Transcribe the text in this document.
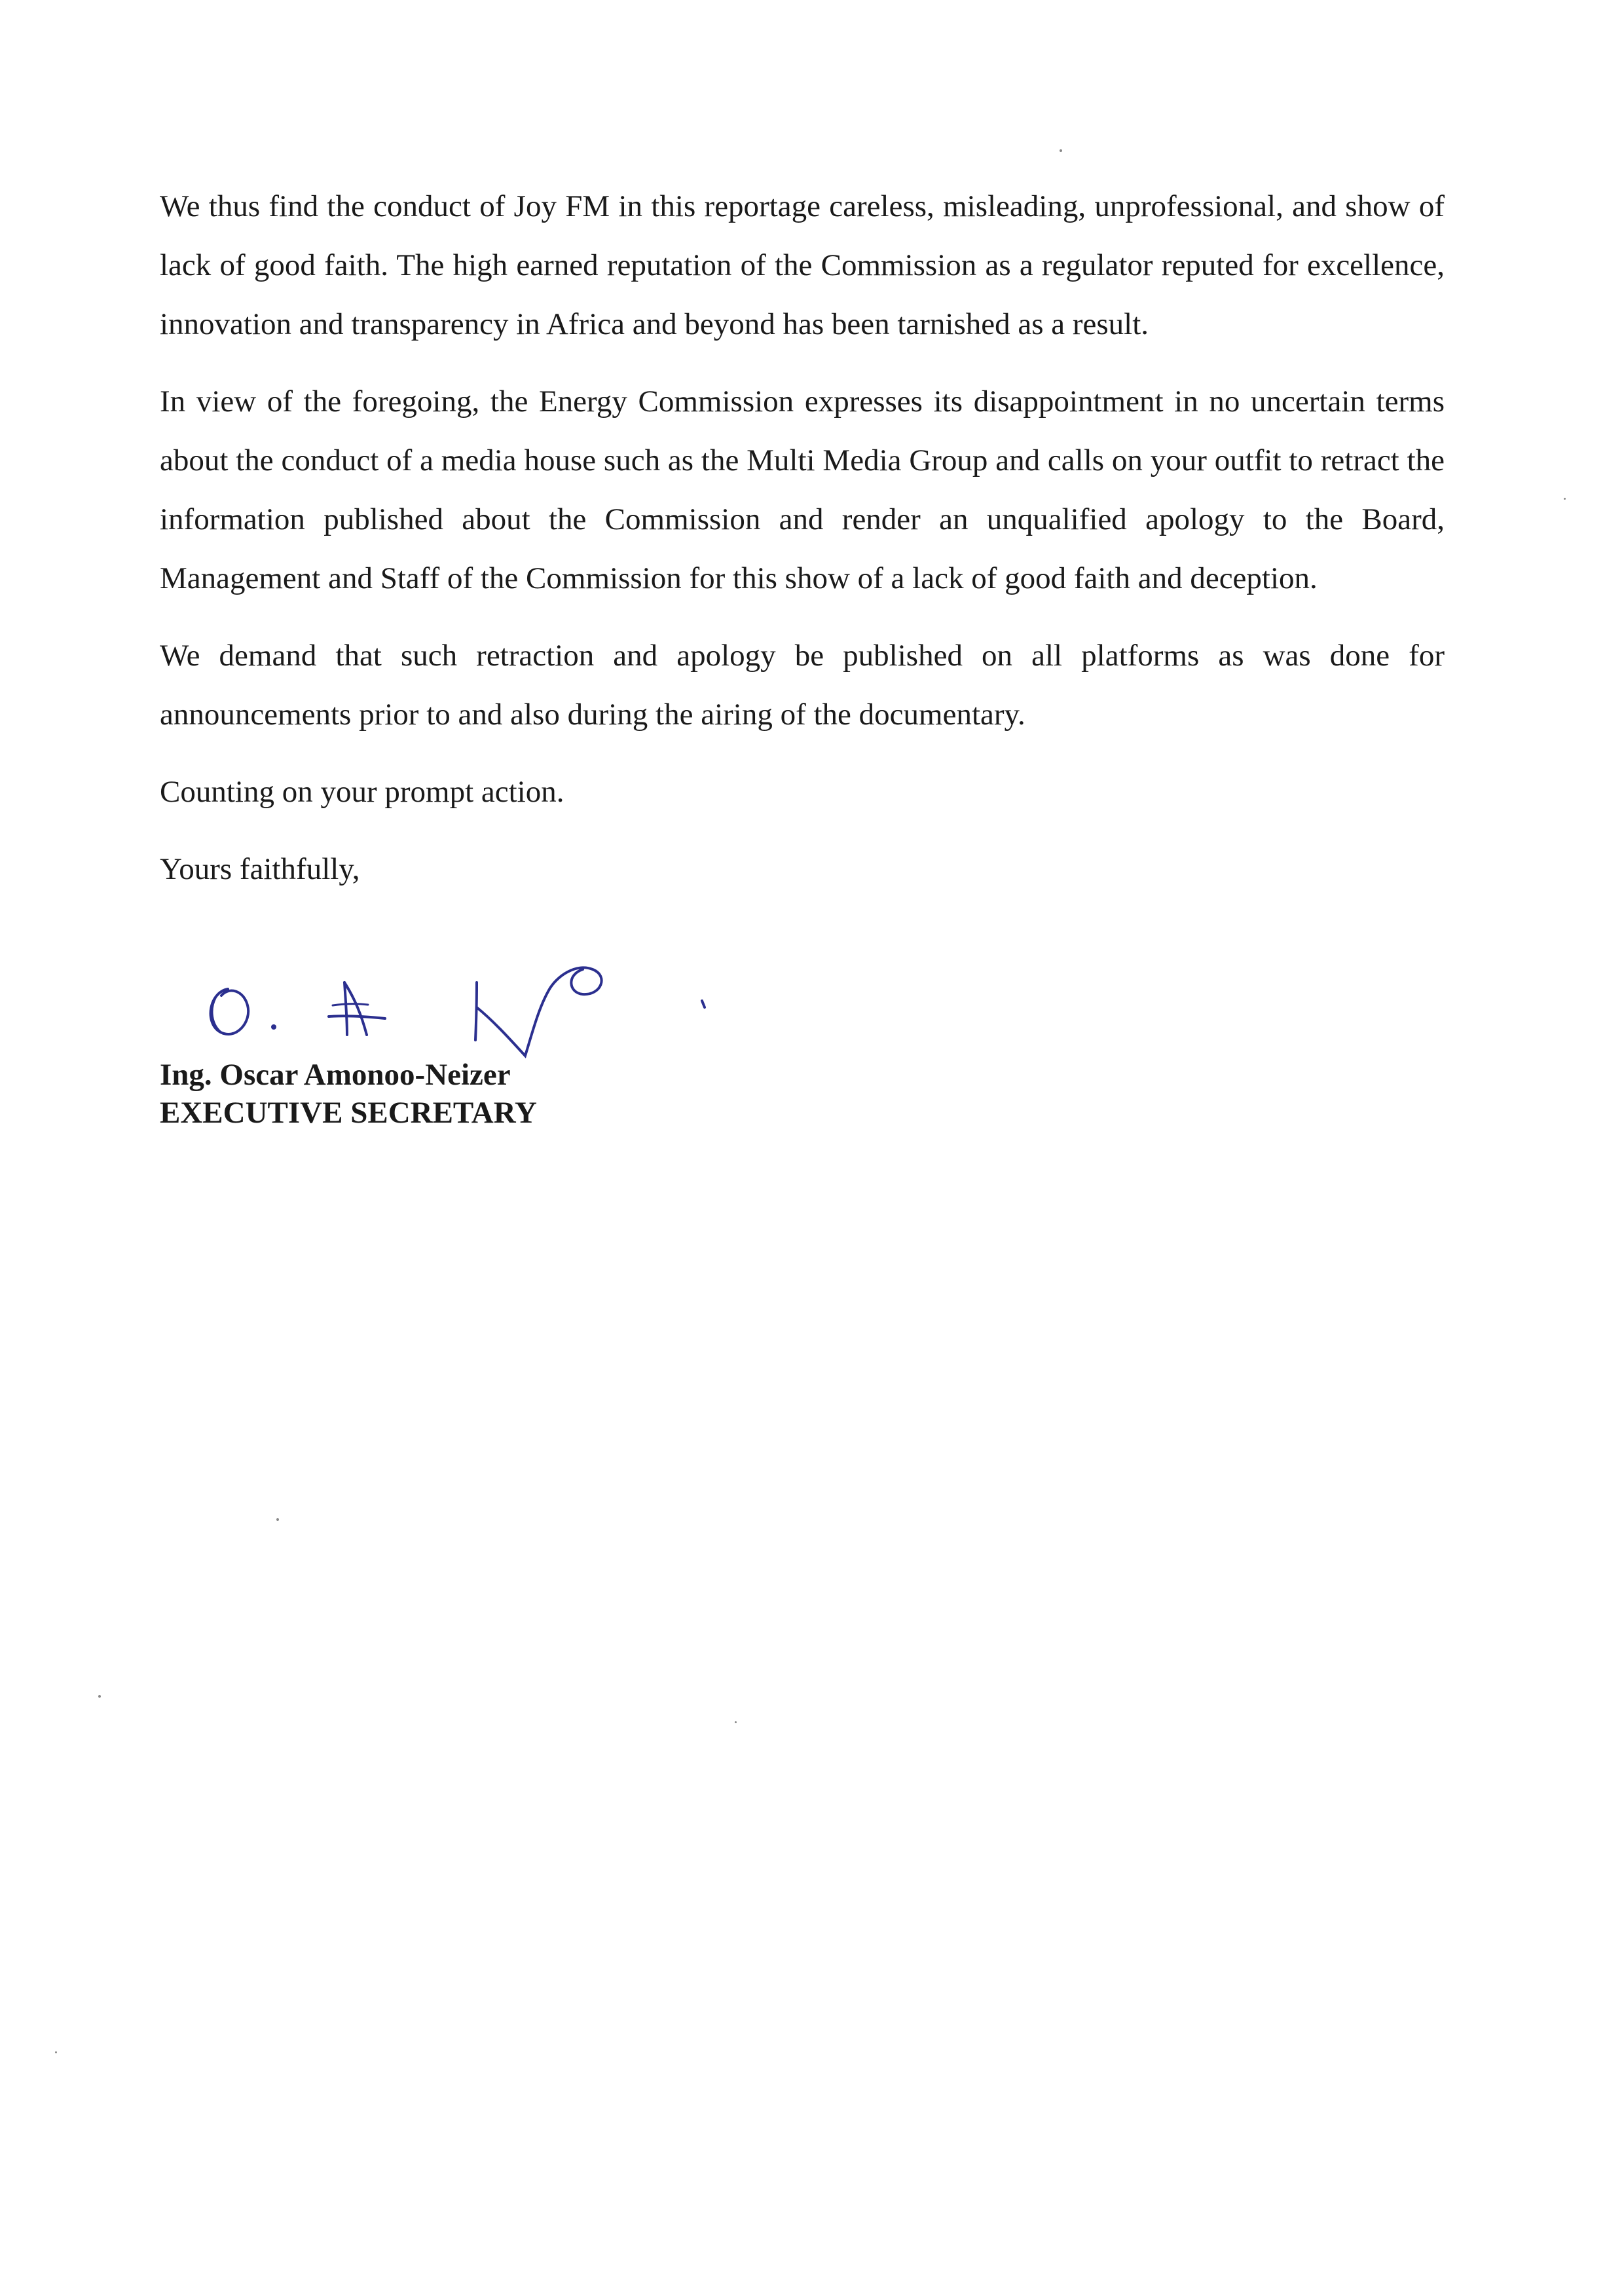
We thus find the conduct of Joy FM in this reportage careless, misleading, unprofessional, and show of lack of good faith. The high earned reputation of the Commission as a regulator reputed for excellence, innovation and transparency in Africa and beyond has been tarnished as a result.

In view of the foregoing, the Energy Commission expresses its disappointment in no uncertain terms about the conduct of a media house such as the Multi Media Group and calls on your outfit to retract the information published about the Commission and render an unqualified apology to the Board, Management and Staff of the Commission for this show of a lack of good faith and deception.

We demand that such retraction and apology be published on all platforms as was done for announcements prior to and also during the airing of the documentary.

Counting on your prompt action.

Yours faithfully,

Ing. Oscar Amonoo-Neizer
EXECUTIVE SECRETARY
